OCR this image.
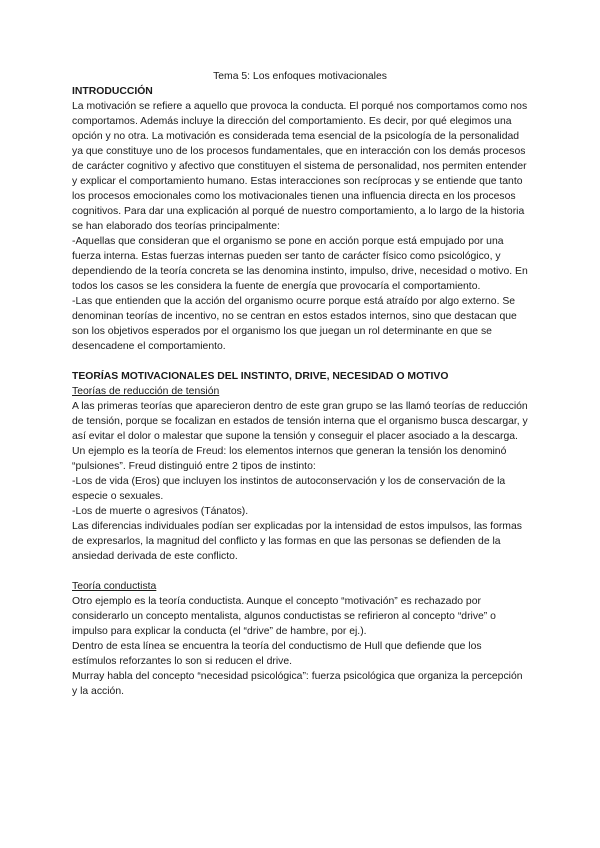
Tema 5: Los enfoques motivacionales

INTRODUCCIÓN

La motivación se refiere a aquello que provoca la conducta. El porqué nos comportamos como nos comportamos. Además incluye la dirección del comportamiento. Es decir, por qué elegimos una opción y no otra. La motivación es considerada tema esencial de la psicología de la personalidad ya que constituye uno de los procesos fundamentales, que en interacción con los demás procesos de carácter cognitivo y afectivo que constituyen el sistema de personalidad, nos permiten entender y explicar el comportamiento humano. Estas interacciones son recíprocas y se entiende que tanto los procesos emocionales como los motivacionales tienen una influencia directa en los procesos cognitivos. Para dar una explicación al porqué de nuestro comportamiento, a lo largo de la historia se han elaborado dos teorías principalmente:

-Aquellas que consideran que el organismo se pone en acción porque está empujado por una fuerza interna. Estas fuerzas internas pueden ser tanto de carácter físico como psicológico, y dependiendo de la teoría concreta se las denomina instinto, impulso, drive, necesidad o motivo. En todos los casos se les considera la fuente de energía que provocaría el comportamiento.

-Las que entienden que la acción del organismo ocurre porque está atraído por algo externo. Se denominan teorías de incentivo, no se centran en estos estados internos, sino que destacan que son los objetivos esperados por el organismo los que juegan un rol determinante en que se desencadene el comportamiento.

TEORÍAS MOTIVACIONALES DEL INSTINTO, DRIVE, NECESIDAD O MOTIVO

Teorías de reducción de tensión

A las primeras teorías que aparecieron dentro de este gran grupo se las llamó teorías de reducción de tensión, porque se focalizan en estados de tensión interna que el organismo busca descargar, y así evitar el dolor o malestar que supone la tensión y conseguir el placer asociado a la descarga.

Un ejemplo es la teoría de Freud: los elementos internos que generan la tensión los denominó “pulsiones”. Freud distinguió entre 2 tipos de instinto:

-Los de vida (Eros) que incluyen los instintos de autoconservación y los de conservación de la especie o sexuales.

-Los de muerte o agresivos (Tánatos).

Las diferencias individuales podían ser explicadas por la intensidad de estos impulsos, las formas de expresarlos, la magnitud del conflicto y las formas en que las personas se defienden de la ansiedad derivada de este conflicto.

Teoría conductista

Otro ejemplo es la teoría conductista. Aunque el concepto “motivación” es rechazado por considerarlo un concepto mentalista, algunos conductistas se refirieron al concepto “drive” o impulso para explicar la conducta (el “drive” de hambre, por ej.).

Dentro de esta línea se encuentra la teoría del conductismo de Hull que defiende que los estímulos reforzantes lo son si reducen el drive.

Murray habla del concepto “necesidad psicológica”: fuerza psicológica que organiza la percepción y la acción.
